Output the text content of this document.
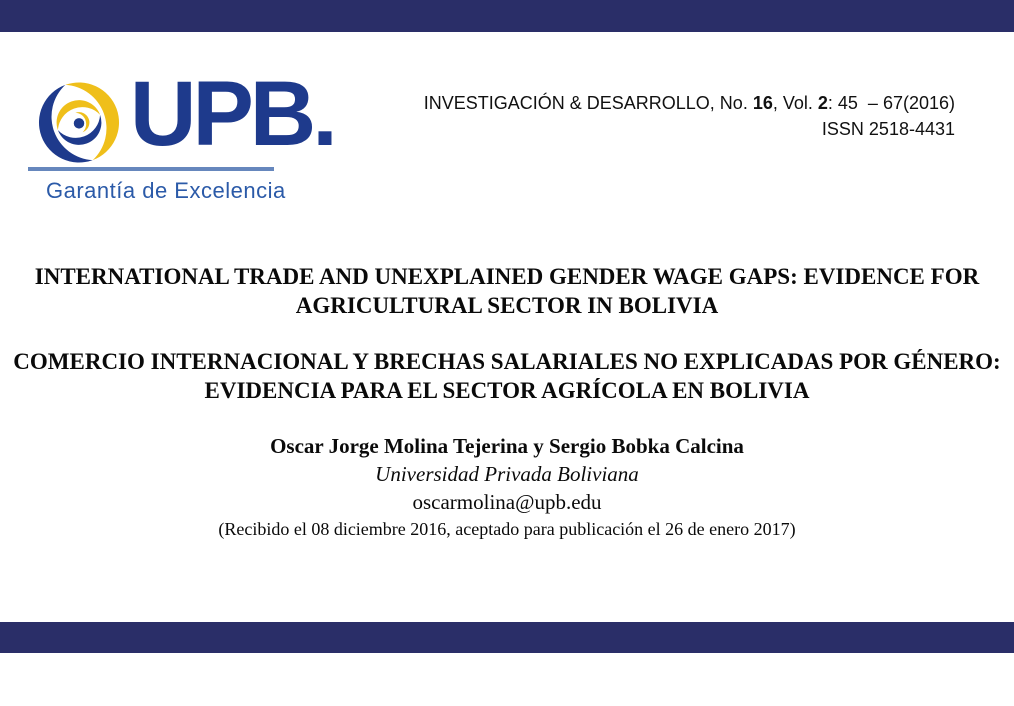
UPB.
Garantía de Excelencia
INVESTIGACIÓN & DESARROLLO, No. 16, Vol. 2: 45  – 67(2016)
ISSN 2518-4431
INTERNATIONAL TRADE AND UNEXPLAINED GENDER WAGE GAPS: EVIDENCE FOR
AGRICULTURAL SECTOR IN BOLIVIA
COMERCIO INTERNACIONAL Y BRECHAS SALARIALES NO EXPLICADAS POR GÉNERO:
EVIDENCIA PARA EL SECTOR AGRÍCOLA EN BOLIVIA
Oscar Jorge Molina Tejerina y Sergio Bobka Calcina
Universidad Privada Boliviana
oscarmolina@upb.edu
(Recibido el 08 diciembre 2016, aceptado para publicación el 26 de enero 2017)
